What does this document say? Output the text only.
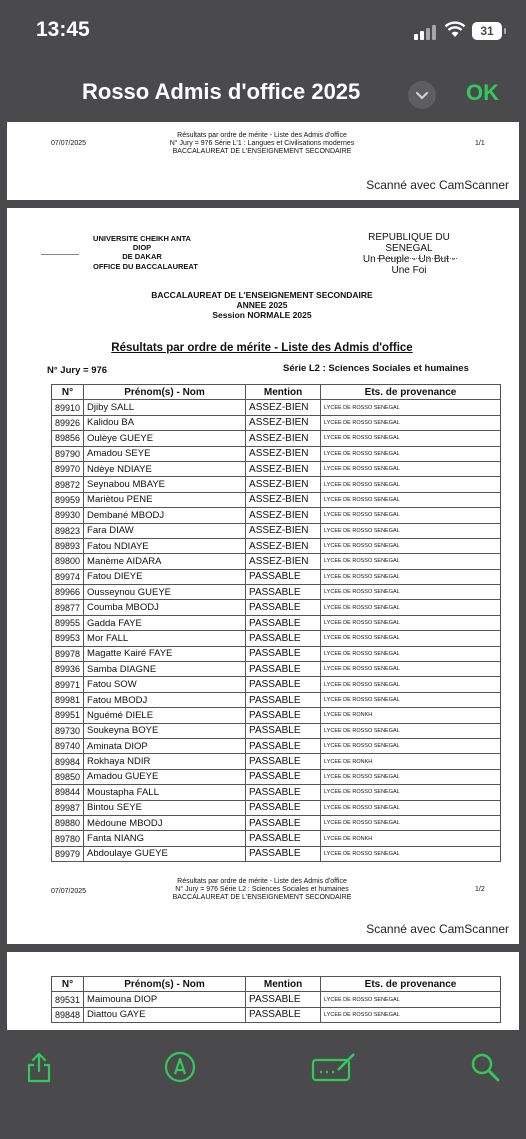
13:45	31
Rosso Admis d'office 2025	OK
Résultats par ordre de mérite - Liste des Admis d'office
N° Jury = 976 Série L'1 : Langues et Civilisations modernes
BACCALAUREAT DE L'ENSEIGNEMENT SECONDAIRE
07/07/2025	1/1
Scanné avec CamScanner
UNIVERSITE CHEIKH ANTA DIOP
DE DAKAR
OFFICE DU BACCALAUREAT
REPUBLIQUE DU SENEGAL
Un Peuple - Un But - Une Foi
BACCALAUREAT DE L'ENSEIGNEMENT SECONDAIRE
ANNEE 2025
Session NORMALE 2025
Résultats par ordre de mérite - Liste des Admis d'office
N° Jury = 976	Série L2 : Sciences Sociales et humaines
N°	Prénom(s) - Nom	Mention	Ets. de provenance
89910	Djiby SALL	ASSEZ-BIEN	LYCEE DE ROSSO SENEGAL
89926	Kalidou BA	ASSEZ-BIEN	LYCEE DE ROSSO SENEGAL
89856	Oulèye GUEYE	ASSEZ-BIEN	LYCEE DE ROSSO SENEGAL
89790	Amadou SEYE	ASSEZ-BIEN	LYCEE DE ROSSO SENEGAL
89970	Ndèye NDIAYE	ASSEZ-BIEN	LYCEE DE ROSSO SENEGAL
89872	Seynabou MBAYE	ASSEZ-BIEN	LYCEE DE ROSSO SENEGAL
89959	Mariètou PENE	ASSEZ-BIEN	LYCEE DE ROSSO SENEGAL
89930	Dembané MBODJ	ASSEZ-BIEN	LYCEE DE ROSSO SENEGAL
89823	Fara DIAW	ASSEZ-BIEN	LYCEE DE ROSSO SENEGAL
89893	Fatou NDIAYE	ASSEZ-BIEN	LYCEE DE ROSSO SENEGAL
89800	Manème AIDARA	ASSEZ-BIEN	LYCEE DE ROSSO SENEGAL
89974	Fatou DIEYE	PASSABLE	LYCEE DE ROSSO SENEGAL
89966	Ousseynou GUEYE	PASSABLE	LYCEE DE ROSSO SENEGAL
89877	Coumba MBODJ	PASSABLE	LYCEE DE ROSSO SENEGAL
89955	Gadda FAYE	PASSABLE	LYCEE DE ROSSO SENEGAL
89953	Mor FALL	PASSABLE	LYCEE DE ROSSO SENEGAL
89978	Magatte Kairé FAYE	PASSABLE	LYCEE DE ROSSO SENEGAL
89936	Samba DIAGNE	PASSABLE	LYCEE DE ROSSO SENEGAL
89971	Fatou SOW	PASSABLE	LYCEE DE ROSSO SENEGAL
89981	Fatou MBODJ	PASSABLE	LYCEE DE ROSSO SENEGAL
89951	Nguémé DIELE	PASSABLE	LYCEE DE RONKH
89730	Soukeyna BOYE	PASSABLE	LYCEE DE ROSSO SENEGAL
89740	Aminata DIOP	PASSABLE	LYCEE DE ROSSO SENEGAL
89984	Rokhaya NDIR	PASSABLE	LYCEE DE RONKH
89850	Amadou GUEYE	PASSABLE	LYCEE DE ROSSO SENEGAL
89844	Moustapha FALL	PASSABLE	LYCEE DE ROSSO SENEGAL
89987	Bintou SEYE	PASSABLE	LYCEE DE ROSSO SENEGAL
89880	Mèdoune MBODJ	PASSABLE	LYCEE DE ROSSO SENEGAL
89780	Fanta NIANG	PASSABLE	LYCEE DE RONKH
89979	Abdoulaye GUEYE	PASSABLE	LYCEE DE ROSSO SENEGAL
Résultats par ordre de mérite - Liste des Admis d'office
N° Jury = 976 Série L2 : Sciences Sociales et humaines
BACCALAUREAT DE L'ENSEIGNEMENT SECONDAIRE
07/07/2025	1/2
Scanné avec CamScanner
N°	Prénom(s) - Nom	Mention	Ets. de provenance
89531	Maimouna DIOP	PASSABLE	LYCEE DE ROSSO SENEGAL
89848	Diattou GAYE	PASSABLE	LYCEE DE ROSSO SENEGAL
